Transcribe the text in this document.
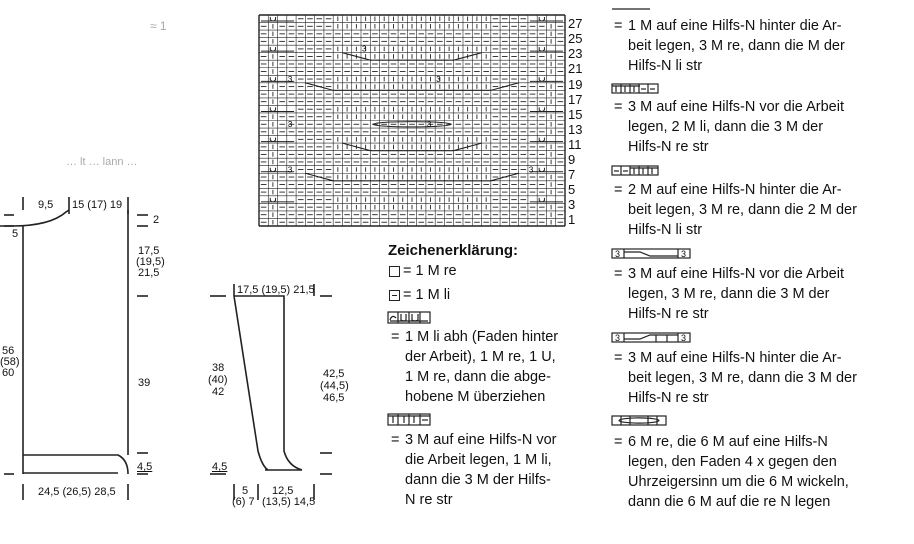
≈ 1
… lt … lann …
5
9,5 15 (17) 19
2
17,5
(19,5)
21,5
56
(58)
60
39
4,5
24,5 (26,5) 28,5
17,5 (19,5) 21,5
38
(40)
42
42,5
(44,5)
46,5
4,5
5
(6) 7
12,5
(13,5) 14,5
3
3	3
3	3
3	3
27
25
23
21
19
17
15
13
11
9
7
5
3
1
Zeichenerklärung:
= 1 M re
= 1 M li
= 1 M li abh (Faden hinter
der Arbeit), 1 M re, 1 U,
1 M re, dann die abge-
hobene M überziehen
= 3 M auf eine Hilfs-N vor
die Arbeit legen, 1 M li,
dann die 3 M der Hilfs-
N re str
3	3
3	3
= 1 M auf eine Hilfs-N hinter die Ar-
beit legen, 3 M re, dann die M der
Hilfs-N li str
= 3 M auf eine Hilfs-N vor die Arbeit
legen, 2 M li, dann die 3 M der
Hilfs-N re str
= 2 M auf eine Hilfs-N hinter die Ar-
beit legen, 3 M re, dann die 2 M der
Hilfs-N li str
= 3 M auf eine Hilfs-N vor die Arbeit
legen, 3 M re, dann die 3 M der
Hilfs-N re str
= 3 M auf eine Hilfs-N hinter die Ar-
beit legen, 3 M re, dann die 3 M der
Hilfs-N re str
= 6 M re, die 6 M auf eine Hilfs-N
legen, den Faden 4 x gegen den
Uhrzeigersinn um die 6 M wickeln,
dann die 6 M auf die re N legen
